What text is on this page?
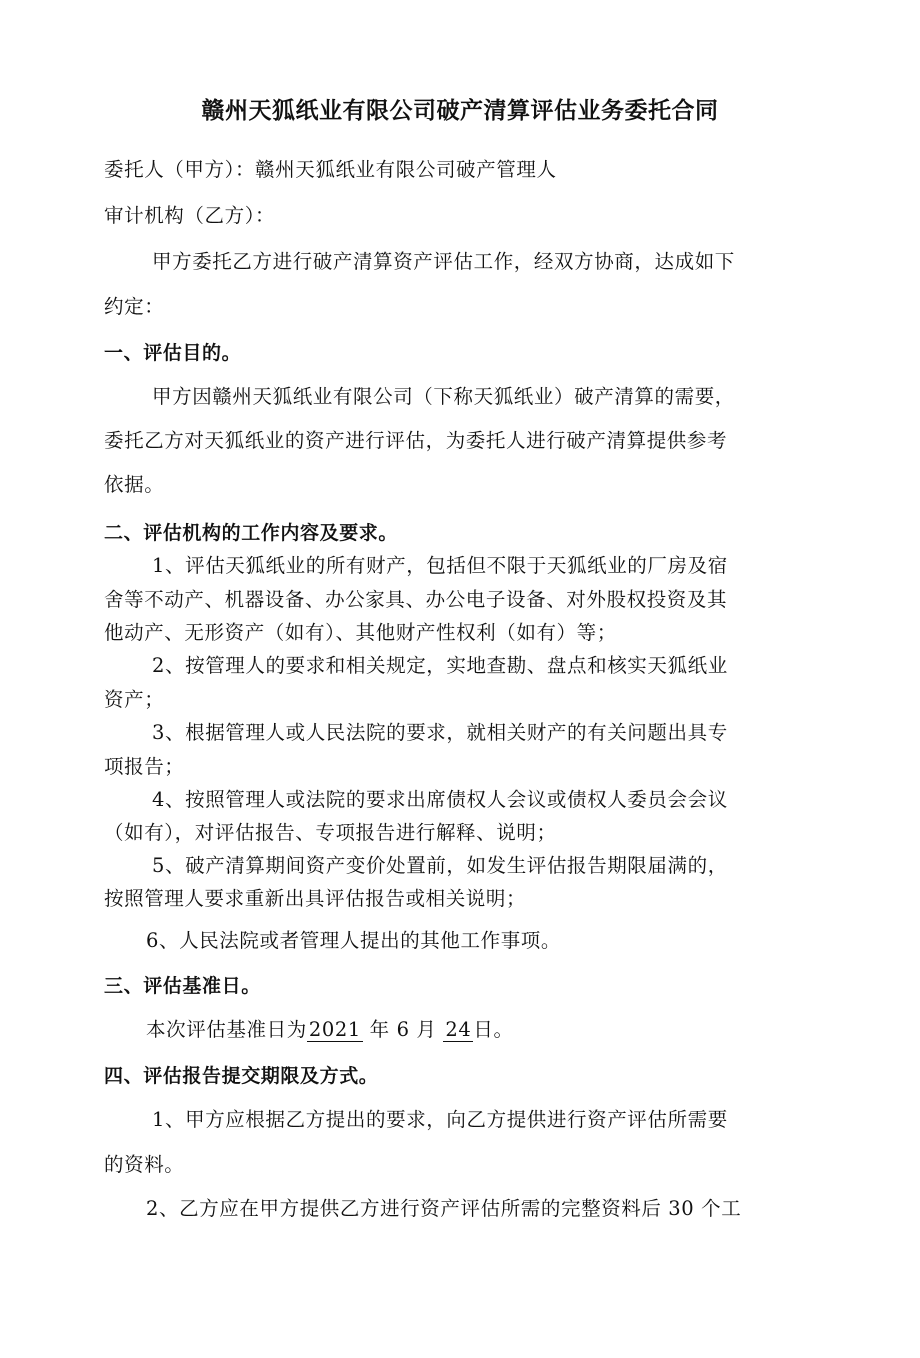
赣州天狐纸业有限公司破产清算评估业务委托合同

委托人（甲方）：赣州天狐纸业有限公司破产管理人

审计机构（乙方）：

甲方委托乙方进行破产清算资产评估工作，经双方协商，达成如下

约定：

一、评估目的。

甲方因赣州天狐纸业有限公司（下称天狐纸业）破产清算的需要，

委托乙方对天狐纸业的资产进行评估，为委托人进行破产清算提供参考

依据。

二、评估机构的工作内容及要求。

1、评估天狐纸业的所有财产，包括但不限于天狐纸业的厂房及宿

舍等不动产、机器设备、办公家具、办公电子设备、对外股权投资及其

他动产、无形资产（如有）、其他财产性权利（如有）等；

2、按管理人的要求和相关规定，实地查勘、盘点和核实天狐纸业

资产；

3、根据管理人或人民法院的要求，就相关财产的有关问题出具专

项报告；

4、按照管理人或法院的要求出席债权人会议或债权人委员会会议

（如有），对评估报告、专项报告进行解释、说明；

5、破产清算期间资产变价处置前，如发生评估报告期限届满的，

按照管理人要求重新出具评估报告或相关说明；

6、人民法院或者管理人提出的其他工作事项。

三、评估基准日。

本次评估基准日为 2021 年 6 月 24 日。

四、评估报告提交期限及方式。

1、甲方应根据乙方提出的要求，向乙方提供进行资产评估所需要

的资料。

2、乙方应在甲方提供乙方进行资产评估所需的完整资料后 30 个工
